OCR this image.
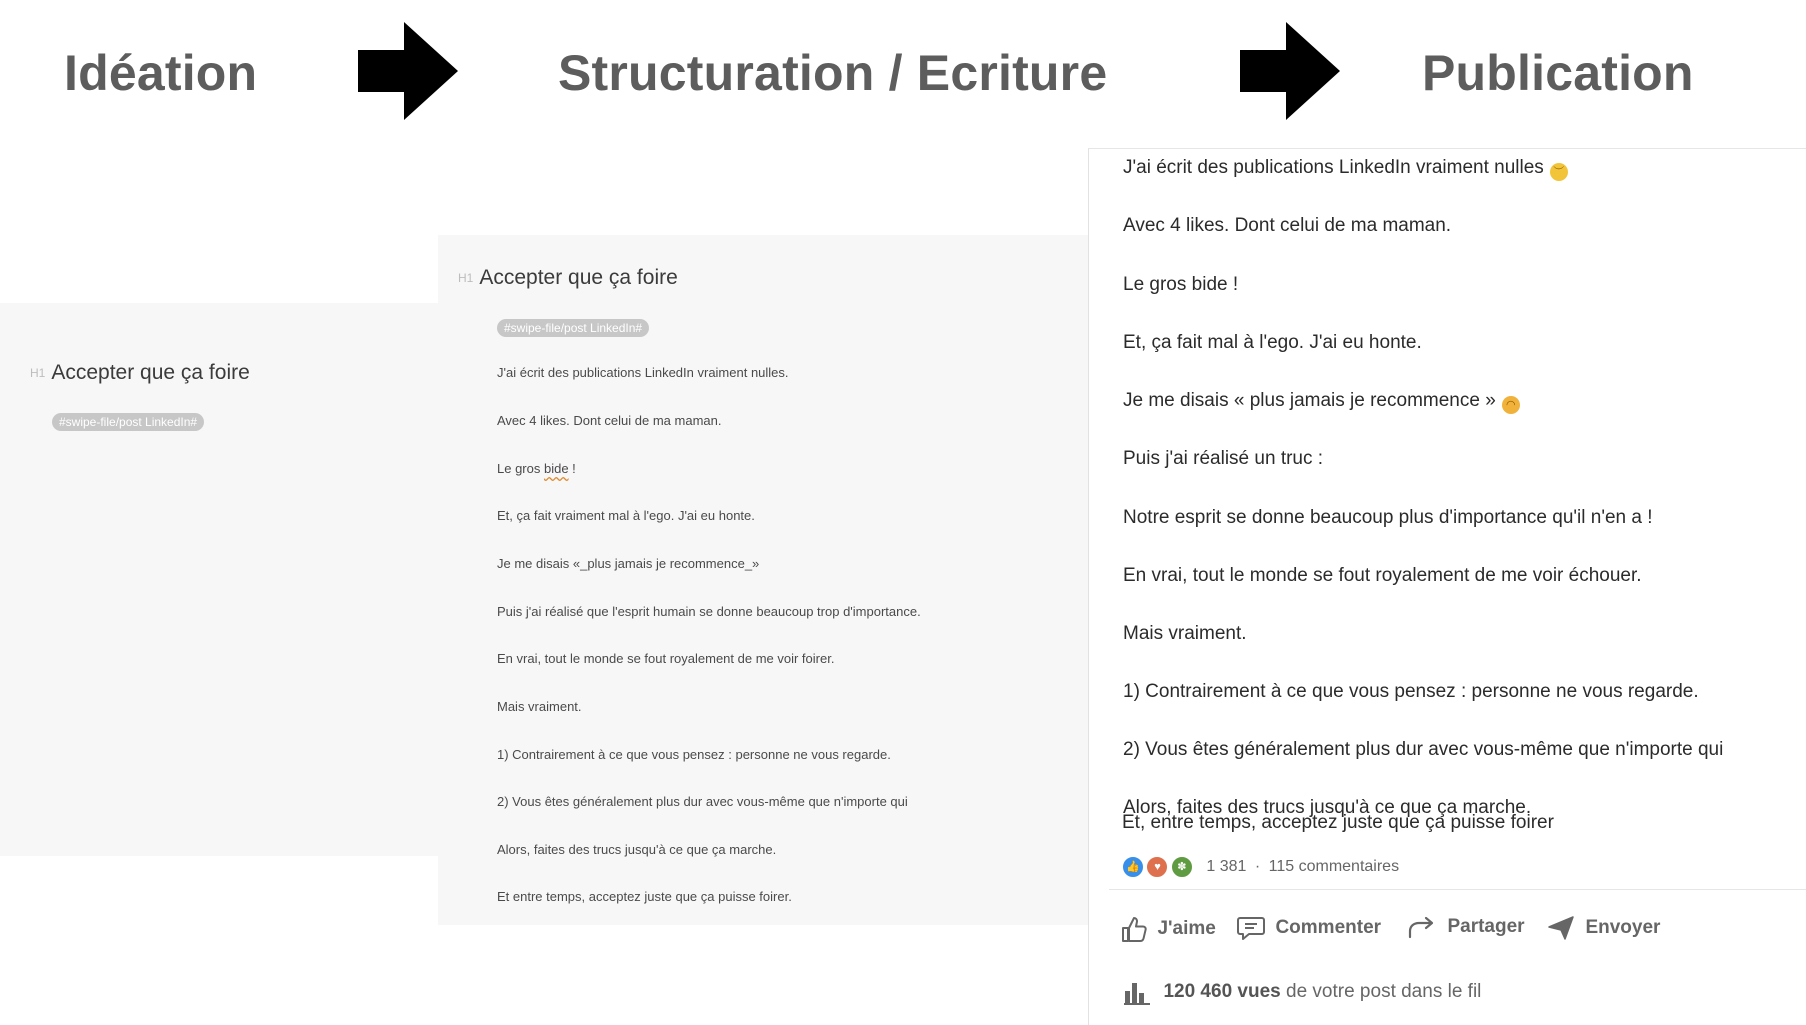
Idéation	Structuration / Ecriture	Publication
H1 Accepter que ça foire
#swipe-file/post LinkedIn#
H1 Accepter que ça foire
#swipe-file/post LinkedIn#
J'ai écrit des publications LinkedIn vraiment nulles.
Avec 4 likes. Dont celui de ma maman.
Le gros bide !
Et, ça fait vraiment mal à l'ego. J'ai eu honte.
Je me disais «_plus jamais je recommence_»
Puis j'ai réalisé que l'esprit humain se donne beaucoup trop d'importance.
En vrai, tout le monde se fout royalement de me voir foirer.
Mais vraiment.
1) Contrairement à ce que vous pensez : personne ne vous regarde.
2) Vous êtes généralement plus dur avec vous-même que n'importe qui
Alors, faites des trucs jusqu'à ce que ça marche.
Et entre temps, acceptez juste que ça puisse foirer.
J'ai écrit des publications LinkedIn vraiment nulles ︶
Avec 4 likes. Dont celui de ma maman.
Le gros bide !
Et, ça fait mal à l'ego. J'ai eu honte.
Je me disais « plus jamais je recommence » ◠
Puis j'ai réalisé un truc :
Notre esprit se donne beaucoup plus d'importance qu'il n'en a !
En vrai, tout le monde se fout royalement de me voir échouer.
Mais vraiment.
1) Contrairement à ce que vous pensez : personne ne vous regarde.
2) Vous êtes généralement plus dur avec vous-même que n'importe qui
Alors, faites des trucs jusqu'à ce que ça marche.
👍 ♥ ✽ 1 381 · 115 commentaires
J'aime	Commenter	Partager	Envoyer
120 460 vues de votre post dans le fil
Et, entre temps, acceptez juste que ça puisse foirer
